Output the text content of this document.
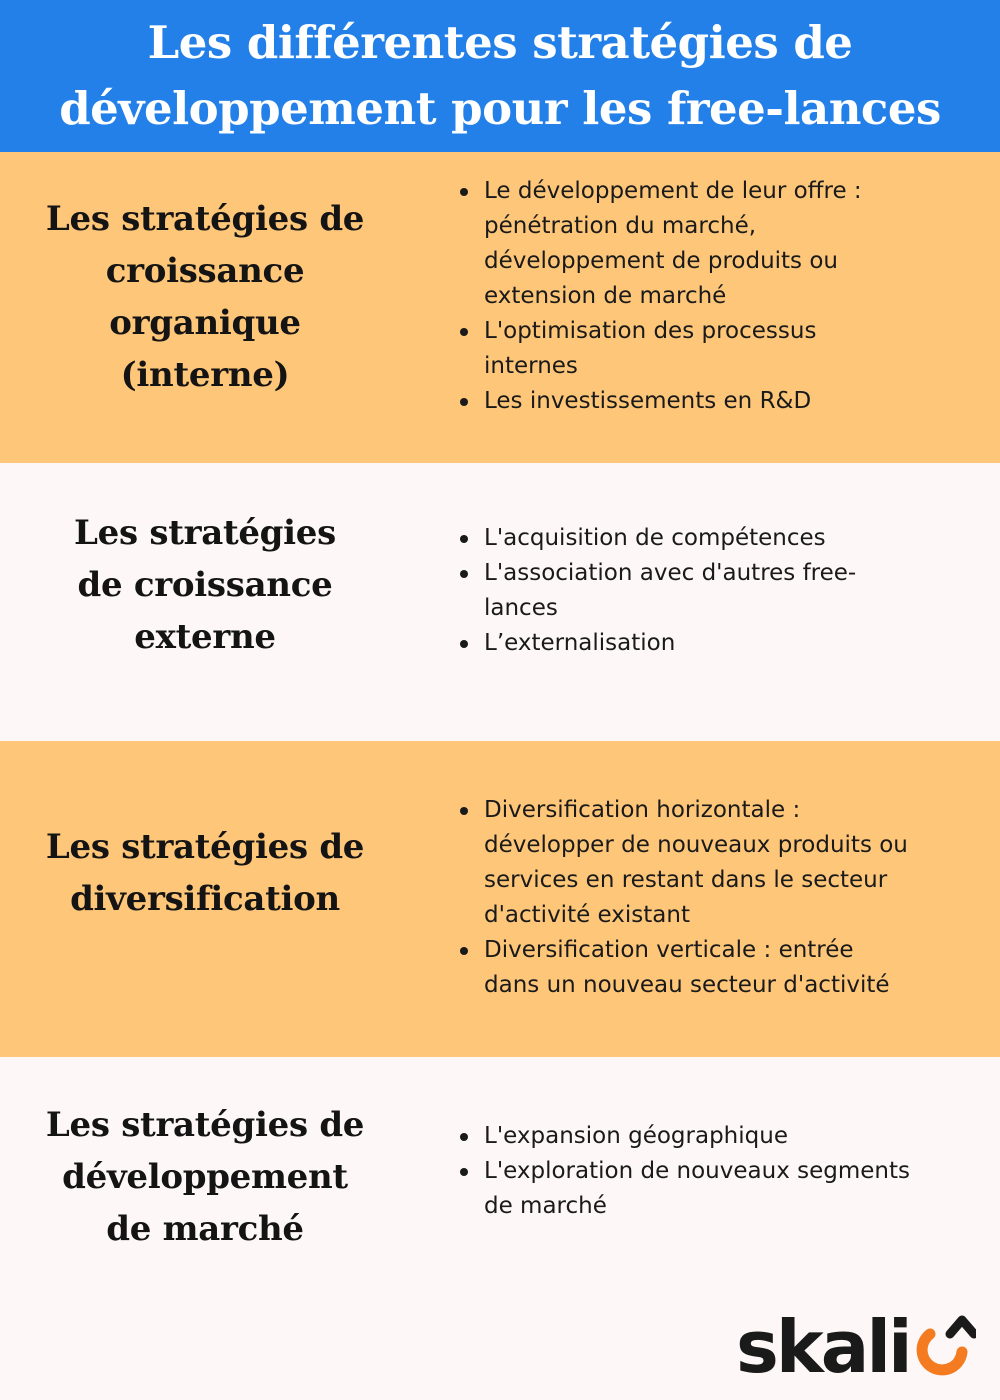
Les différentes stratégies de
développement pour les free-lances
Les stratégies de
croissance
organique
(interne)
Le développement de leur offre :
pénétration du marché,
développement de produits ou
extension de marché
L'optimisation des processus
internes
Les investissements en R&D
Les stratégies
de croissance
externe
L'acquisition de compétences
L'association avec d'autres free-
lances
L’externalisation
Les stratégies de
diversification
Diversification horizontale :
développer de nouveaux produits ou
services en restant dans le secteur
d'activité existant
Diversification verticale : entrée
dans un nouveau secteur d'activité
Les stratégies de
développement
de marché
L'expansion géographique
L'exploration de nouveaux segments
de marché
skali
